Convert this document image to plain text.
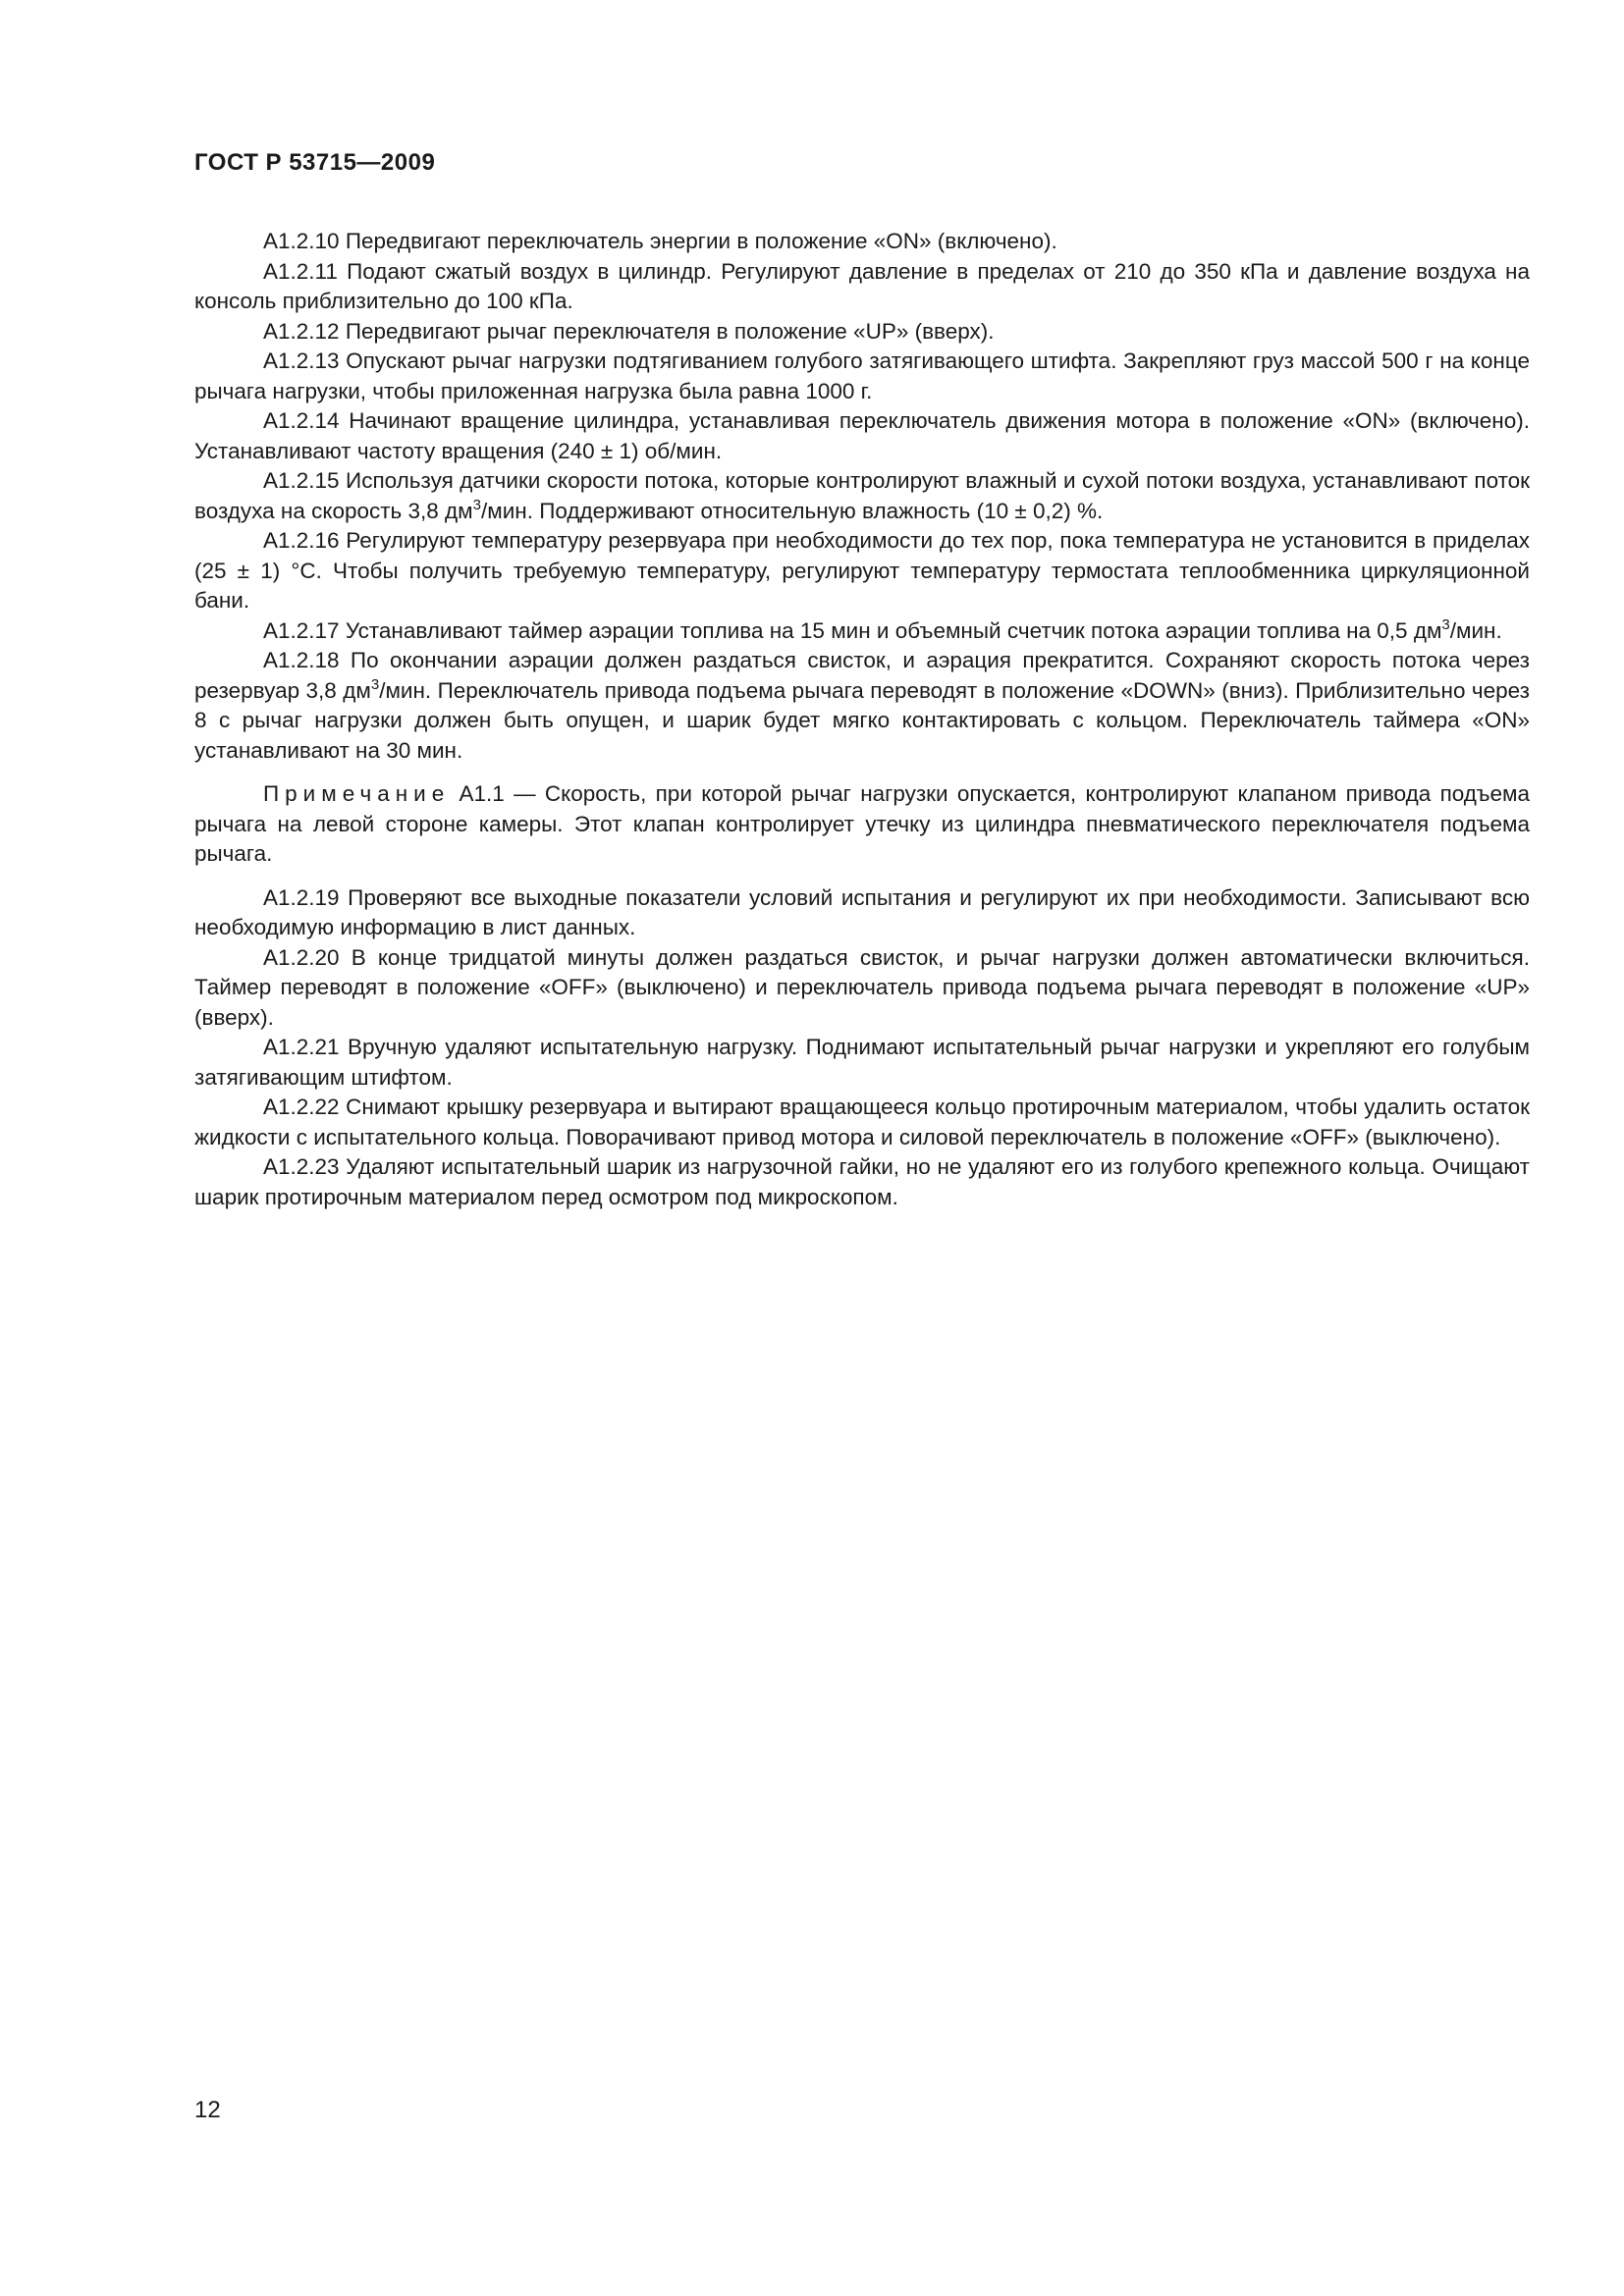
ГОСТ Р 53715—2009

А1.2.10 Передвигают переключатель энергии в положение «ON» (включено).

А1.2.11 Подают сжатый воздух в цилиндр. Регулируют давление в пределах от 210 до 350 кПа и давление воздуха на консоль приблизительно до 100 кПа.

А1.2.12 Передвигают рычаг переключателя в положение «UP» (вверх).

А1.2.13 Опускают рычаг нагрузки подтягиванием голубого затягивающего штифта. Закрепляют груз массой 500 г на конце рычага нагрузки, чтобы приложенная нагрузка была равна 1000 г.

А1.2.14 Начинают вращение цилиндра, устанавливая переключатель движения мотора в положение «ON» (включено). Устанавливают частоту вращения (240 ± 1) об/мин.

А1.2.15 Используя датчики скорости потока, которые контролируют влажный и сухой потоки воздуха, устанавливают поток воздуха на скорость 3,8 $дм^3$/мин. Поддерживают относительную влажность (10 ± 0,2) %.

А1.2.16 Регулируют температуру резервуара при необходимости до тех пор, пока температура не установится в приделах (25 ± 1) °С. Чтобы получить требуемую температуру, регулируют температуру термостата теплообменника циркуляционной бани.

А1.2.17 Устанавливают таймер аэрации топлива на 15 мин и объемный счетчик потока аэрации топлива на 0,5 $дм^3$/мин.

А1.2.18 По окончании аэрации должен раздаться свисток, и аэрация прекратится. Сохраняют скорость потока через резервуар 3,8 $дм^3$/мин. Переключатель привода подъема рычага переводят в положение «DOWN» (вниз). Приблизительно через 8 с рычаг нагрузки должен быть опущен, и шарик будет мягко контактировать с кольцом. Переключатель таймера «ON» устанавливают на 30 мин.

Примечание А1.1 — Скорость, при которой рычаг нагрузки опускается, контролируют клапаном привода подъема рычага на левой стороне камеры. Этот клапан контролирует утечку из цилиндра пневматического переключателя подъема рычага.

А1.2.19 Проверяют все выходные показатели условий испытания и регулируют их при необходимости. Записывают всю необходимую информацию в лист данных.

А1.2.20 В конце тридцатой минуты должен раздаться свисток, и рычаг нагрузки должен автоматически включиться. Таймер переводят в положение «OFF» (выключено) и переключатель привода подъема рычага переводят в положение «UP» (вверх).

А1.2.21 Вручную удаляют испытательную нагрузку. Поднимают испытательный рычаг нагрузки и укрепляют его голубым затягивающим штифтом.

А1.2.22 Снимают крышку резервуара и вытирают вращающееся кольцо протирочным материалом, чтобы удалить остаток жидкости с испытательного кольца. Поворачивают привод мотора и силовой переключатель в положение «OFF» (выключено).

А1.2.23 Удаляют испытательный шарик из нагрузочной гайки, но не удаляют его из голубого крепежного кольца. Очищают шарик протирочным материалом перед осмотром под микроскопом.

12
